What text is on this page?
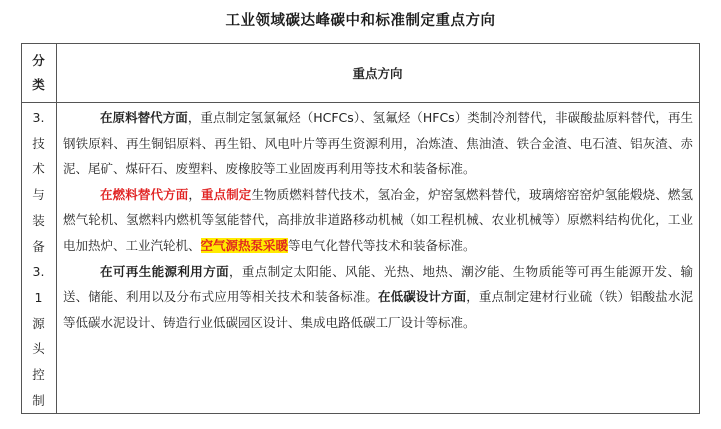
工业领域碳达峰碳中和标准制定重点方向
分
类
重点方向
3.
技
术
与
装
备
3.
1
源
头
控
制

在原料替代方面，重点制定氢氯氟烃（HCFCs）、氢氟烃（HFCs）类制冷剂替代，非碳酸盐原料替代，再生钢铁原料、再生铜铝原料、再生铅、风电叶片等再生资源利用，冶炼渣、焦油渣、铁合金渣、电石渣、铝灰渣、赤泥、尾矿、煤矸石、废塑料、废橡胶等工业固废再利用等技术和装备标准。

在燃料替代方面，重点制定生物质燃料替代技术，氢冶金，炉窑氢燃料替代，玻璃熔窑窑炉氢能煅烧、燃氢燃气轮机、氢燃料内燃机等氢能替代，高排放非道路移动机械（如工程机械、农业机械等）原燃料结构优化，工业电加热炉、工业汽轮机、空气源热泵采暖等电气化替代等技术和装备标准。

在可再生能源利用方面，重点制定太阳能、风能、光热、地热、潮汐能、生物质能等可再生能源开发、输送、储能、利用以及分布式应用等相关技术和装备标准。在低碳设计方面，重点制定建材行业硫（铁）铝酸盐水泥等低碳水泥设计、铸造行业低碳园区设计、集成电路低碳工厂设计等标准。
